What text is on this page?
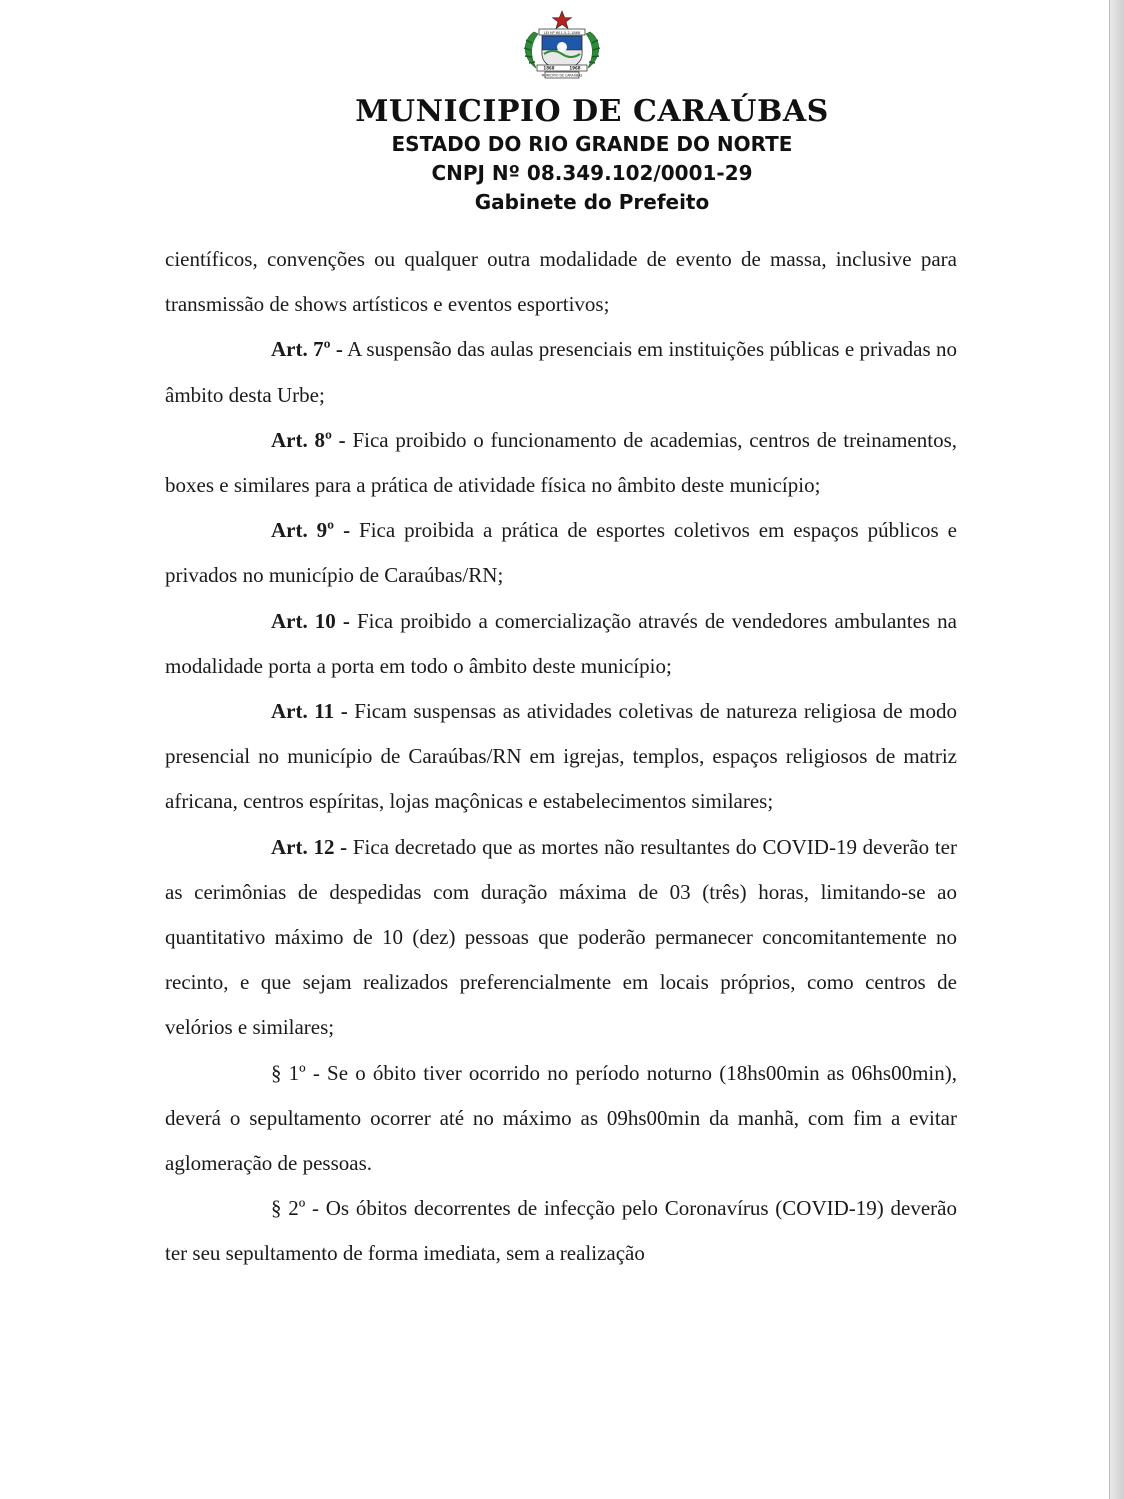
LEI Nº 601-5-2-1868
1868	1968
MUNICIPIO DE CARAÚBAS
MUNICIPIO DE CARAÚBAS
ESTADO DO RIO GRANDE DO NORTE
CNPJ Nº 08.349.102/0001-29
Gabinete do Prefeito

científicos, convenções ou qualquer outra modalidade de evento de massa, inclusive para transmissão de shows artísticos e eventos esportivos;

Art. 7º - A suspensão das aulas presenciais em instituições públicas e privadas no âmbito desta Urbe;

Art. 8º - Fica proibido o funcionamento de academias, centros de treinamentos, boxes e similares para a prática de atividade física no âmbito deste município;

Art. 9º - Fica proibida a prática de esportes coletivos em espaços públicos e privados no município de Caraúbas/RN;

Art. 10 - Fica proibido a comercialização através de vendedores ambulantes na modalidade porta a porta em todo o âmbito deste município;

Art. 11 - Ficam suspensas as atividades coletivas de natureza religiosa de modo presencial no município de Caraúbas/RN em igrejas, templos, espaços religiosos de matriz africana, centros espíritas, lojas maçônicas e estabelecimentos similares;

Art. 12 - Fica decretado que as mortes não resultantes do COVID-19 deverão ter as cerimônias de despedidas com duração máxima de 03 (três) horas, limitando-se ao quantitativo máximo de 10 (dez) pessoas que poderão permanecer concomitantemente no recinto, e que sejam realizados preferencialmente em locais próprios, como centros de velórios e similares;

§ 1º - Se o óbito tiver ocorrido no período noturno (18hs00min as 06hs00min), deverá o sepultamento ocorrer até no máximo as 09hs00min da manhã, com fim a evitar aglomeração de pessoas.

§ 2º - Os óbitos decorrentes de infecção pelo Coronavírus (COVID-19) deverão ter seu sepultamento de forma imediata, sem a realização
